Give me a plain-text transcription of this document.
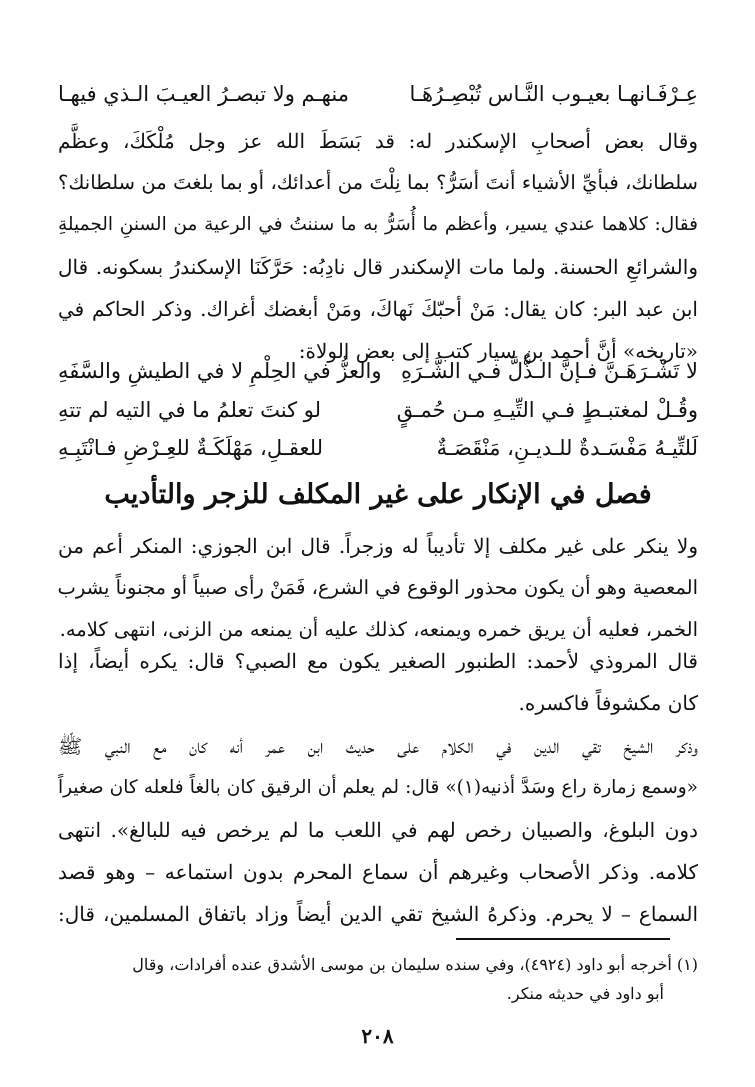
عِـرْفَـانهـا بعيـوب النَّـاس تُبْصِـرُهَـا
منهـم ولا تبصـرُ العيـبَ الـذي فيهـا
وقال بعض أصحابِ الإسكندر له: قد بَسَطَ الله عز وجل مُلْكَكَ، وعظَّم
سلطانك، فبأيِّ الأشياء أنتَ أسَرُّ؟ بما نِلْتَ من أعدائك، أو بما بلغتَ من سلطانك؟
فقال: كلاهما عندي يسير، وأعظم ما أُسَرُّ به ما سننتُ في الرعية من السننِ الجميلةِ
والشرائعِ الحسنة. ولما مات الإسكندر قال نادِبُه: حَرَّكَنَا الإسكندرُ بسكونه. قال
ابن عبد البر: كان يقال: مَنْ أحبّكَ نَهاكَ، ومَنْ أبغضك أغراك. وذكر الحاكم في
«تاريخه» أنَّ أحمد بن سيار كتب إلى بعض الولاة:
لا تَشْـرَهَـنَّ فـإنَّ الـذُّلَّ فـي الشَّـرَهِ
والعزُّ في الحِلْمِ لا في الطيشِ والسَّفَهِ
وقُـلْ لمغتبـطٍ فـي التِّيـهِ مـن حُمـقٍ
لو كنتَ تعلمُ ما في التيه لم تتهِ
لَلتِّيـهُ مَفْسَـدةٌ للـديـنِ، مَنْقَصَـةٌ
للعقـلِ، مَهْلَكَـةٌ للعِـرْضِ فـانْتَبِـهِ
فصل في الإنكار على غير المكلف للزجر والتأديب
ولا ينكر على غير مكلف إلا تأديباً له وزجراً. قال ابن الجوزي: المنكر أعم من
المعصية وهو أن يكون محذور الوقوع في الشرع، فَمَنْ رأى صبياً أو مجنوناً يشرب
الخمر، فعليه أن يريق خمره ويمنعه، كذلك عليه أن يمنعه من الزنى، انتهى كلامه.
قال المروذي لأحمد: الطنبور الصغير يكون مع الصبي؟ قال: يكره أيضاً، إذا
كان مكشوفاً فاكسره.
وذكر الشيخ تقي الدين في الكلام على حديث ابن عمر أنه كان مع النبي ﷺ
«وسمع زمارة راع وسَدَّ أذنيه(١)» قال: لم يعلم أن الرقيق كان بالغاً فلعله كان صغيراً
دون البلوغ، والصبيان رخص لهم في اللعب ما لم يرخص فيه للبالغ». انتهى
كلامه. وذكر الأصحاب وغيرهم أن سماع المحرم بدون استماعه – وهو قصد
السماع – لا يحرم. وذكرهُ الشيخ تقي الدين أيضاً وزاد باتفاق المسلمين، قال:
(١) أخرجه أبو داود (٤٩٢٤)، وفي سنده سليمان بن موسى الأشدق عنده أفرادات، وقال
أبو داود في حديثه منكر.
٢٠٨
